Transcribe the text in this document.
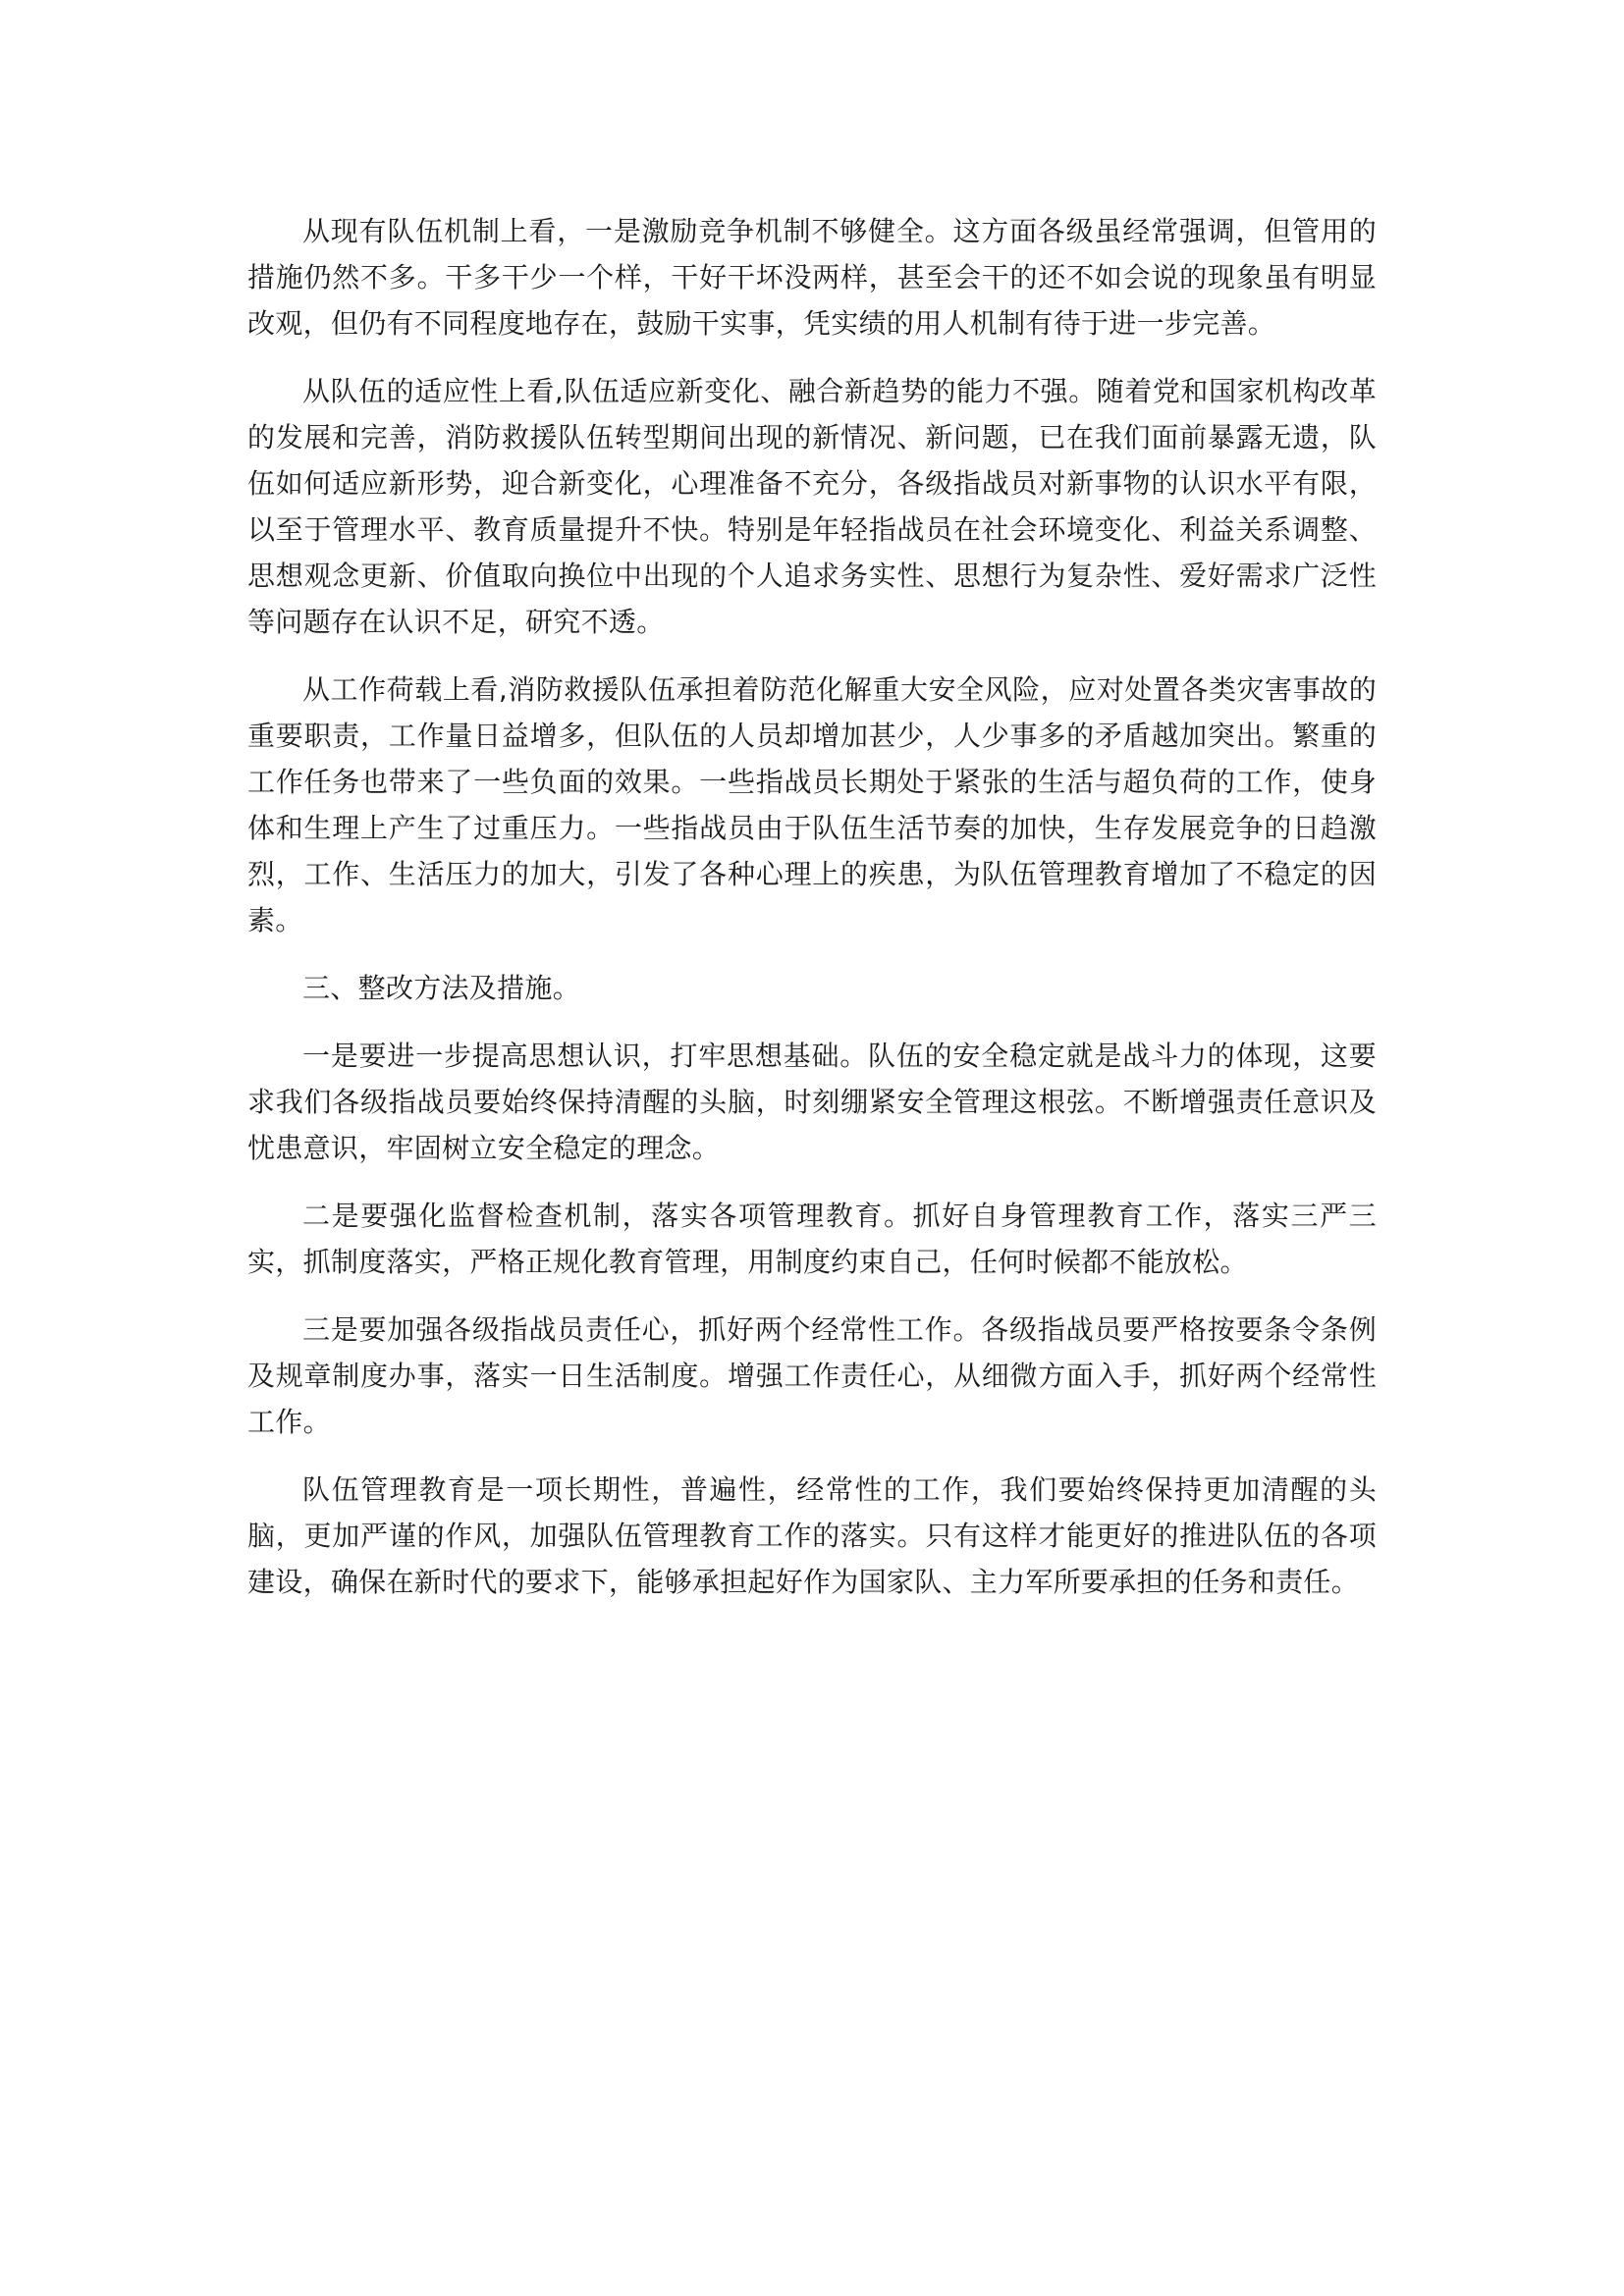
从现有队伍机制上看，一是激励竞争机制不够健全。这方面各级虽经常强调，但管用的措施仍然不多。干多干少一个样，干好干坏没两样，甚至会干的还不如会说的现象虽有明显改观，但仍有不同程度地存在，鼓励干实事，凭实绩的用人机制有待于进一步完善。

从队伍的适应性上看,队伍适应新变化、融合新趋势的能力不强。随着党和国家机构改革的发展和完善，消防救援队伍转型期间出现的新情况、新问题，已在我们面前暴露无遗，队伍如何适应新形势，迎合新变化，心理准备不充分，各级指战员对新事物的认识水平有限，以至于管理水平、教育质量提升不快。特别是年轻指战员在社会环境变化、利益关系调整、思想观念更新、价值取向换位中出现的个人追求务实性、思想行为复杂性、爱好需求广泛性等问题存在认识不足，研究不透。

从工作荷载上看,消防救援队伍承担着防范化解重大安全风险，应对处置各类灾害事故的重要职责，工作量日益增多，但队伍的人员却增加甚少，人少事多的矛盾越加突出。繁重的工作任务也带来了一些负面的效果。一些指战员长期处于紧张的生活与超负荷的工作，使身体和生理上产生了过重压力。一些指战员由于队伍生活节奏的加快，生存发展竞争的日趋激烈，工作、生活压力的加大，引发了各种心理上的疾患，为队伍管理教育增加了不稳定的因素。

三、整改方法及措施。

一是要进一步提高思想认识，打牢思想基础。队伍的安全稳定就是战斗力的体现，这要求我们各级指战员要始终保持清醒的头脑，时刻绷紧安全管理这根弦。不断增强责任意识及忧患意识，牢固树立安全稳定的理念。

二是要强化监督检查机制，落实各项管理教育。抓好自身管理教育工作，落实三严三实，抓制度落实，严格正规化教育管理，用制度约束自己，任何时候都不能放松。

三是要加强各级指战员责任心，抓好两个经常性工作。各级指战员要严格按要条令条例及规章制度办事，落实一日生活制度。增强工作责任心，从细微方面入手，抓好两个经常性工作。

队伍管理教育是一项长期性，普遍性，经常性的工作，我们要始终保持更加清醒的头脑，更加严谨的作风，加强队伍管理教育工作的落实。只有这样才能更好的推进队伍的各项建设，确保在新时代的要求下，能够承担起好作为国家队、主力军所要承担的任务和责任。
